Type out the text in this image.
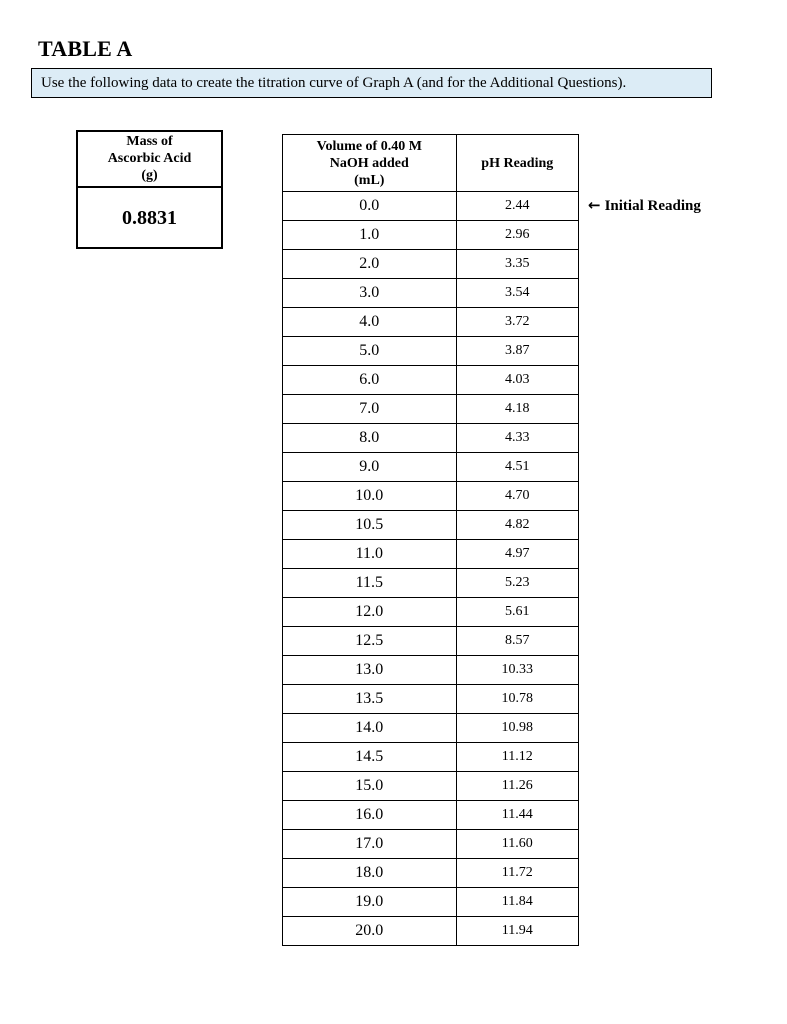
TABLE A
Use the following data to create the titration curve of Graph A (and for the Additional Questions).
Mass of
Ascorbic Acid
(g)
0.8831
Volume of 0.40 M
NaOH added
(mL)	pH Reading
0.0	2.44
1.0	2.96
2.0	3.35
3.0	3.54
4.0	3.72
5.0	3.87
6.0	4.03
7.0	4.18
8.0	4.33
9.0	4.51
10.0	4.70
10.5	4.82
11.0	4.97
11.5	5.23
12.0	5.61
12.5	8.57
13.0	10.33
13.5	10.78
14.0	10.98
14.5	11.12
15.0	11.26
16.0	11.44
17.0	11.60
18.0	11.72
19.0	11.84
20.0	11.94
← Initial Reading
